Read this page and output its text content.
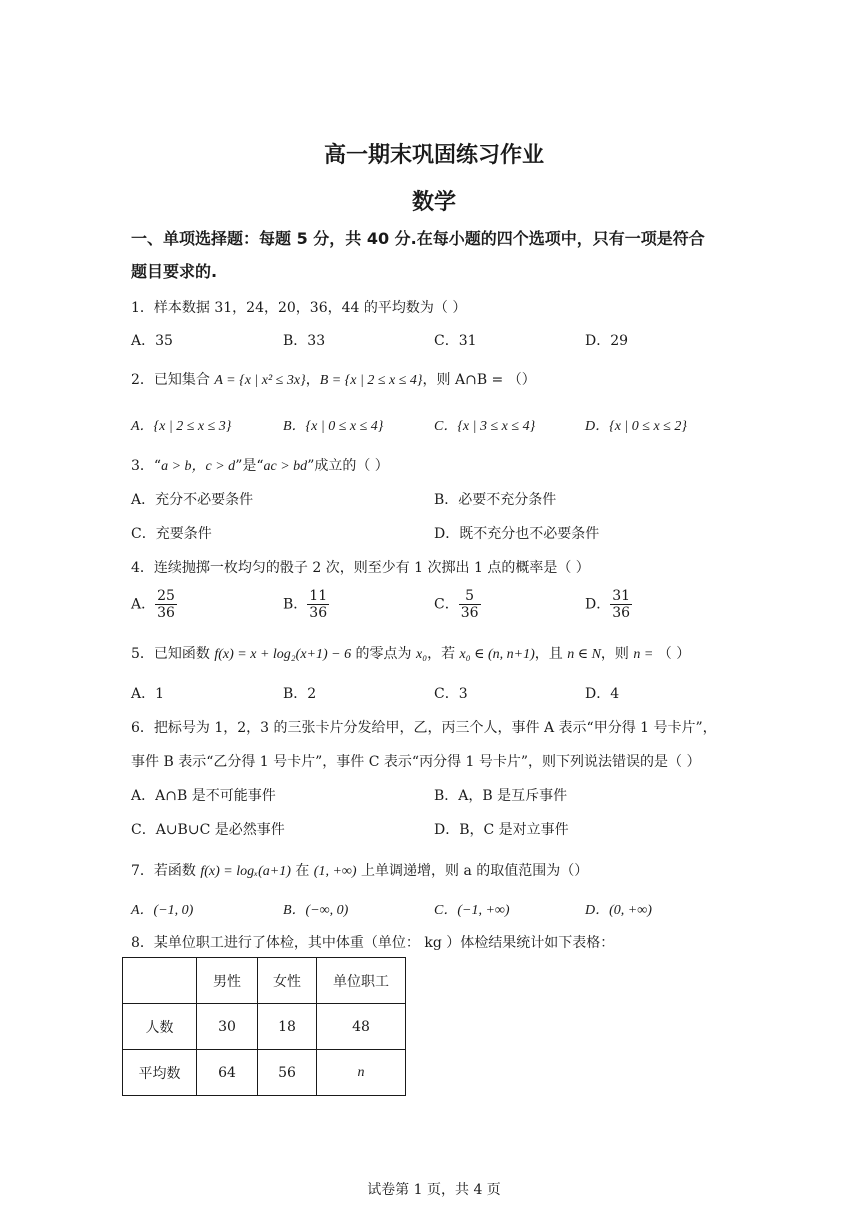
高一期末巩固练习作业
数学
一、单项选择题：每题 5 分，共 40 分.在每小题的四个选项中，只有一项是符合
题目要求的.
1．样本数据 31，24，20，36，44 的平均数为（ ）
A．35	B．33	C．31	D．29
2．已知集合 A = {x | x² ≤ 3x}，B = {x | 2 ≤ x ≤ 4}，则 A∩B = （）
A．{x | 2 ≤ x ≤ 3}	B．{x | 0 ≤ x ≤ 4}	C．{x | 3 ≤ x ≤ 4}	D．{x | 0 ≤ x ≤ 2}
3．“a > b，c > d”是“ac > bd”成立的（ ）
A．充分不必要条件	B．必要不充分条件
C．充要条件	D．既不充分也不必要条件
4．连续抛掷一枚均匀的骰子 2 次，则至少有 1 次掷出 1 点的概率是（ ）
A． $\frac{25}{36}$	B． $\frac{11}{36}$	C． $\frac{5}{36}$	D． $\frac{31}{36}$
5．已知函数 f(x) = x + log₂(x+1) − 6 的零点为 x₀，若 x₀ ∈ (n, n+1)，且 n ∈ N，则 n = （ ）
A．1	B．2	C．3	D．4
6．把标号为 1，2，3 的三张卡片分发给甲，乙，丙三个人，事件 A 表示“甲分得 1 号卡片”，
事件 B 表示“乙分得 1 号卡片”，事件 C 表示“丙分得 1 号卡片”，则下列说法错误的是（ ）
A．A∩B 是不可能事件	B．A，B 是互斥事件
C．A∪B∪C 是必然事件	D．B，C 是对立事件
7．若函数 f(x) = logₓ(a+1) 在 (1, +∞) 上单调递增，则 a 的取值范围为（）
A．(−1, 0)	B．(−∞, 0)	C．(−1, +∞)	D．(0, +∞)
8．某单位职工进行了体检，其中体重（单位： kg ）体检结果统计如下表格：
	男性	女性	单位职工
人数	30	18	48
平均数	64	56	n
试卷第 1 页，共 4 页
